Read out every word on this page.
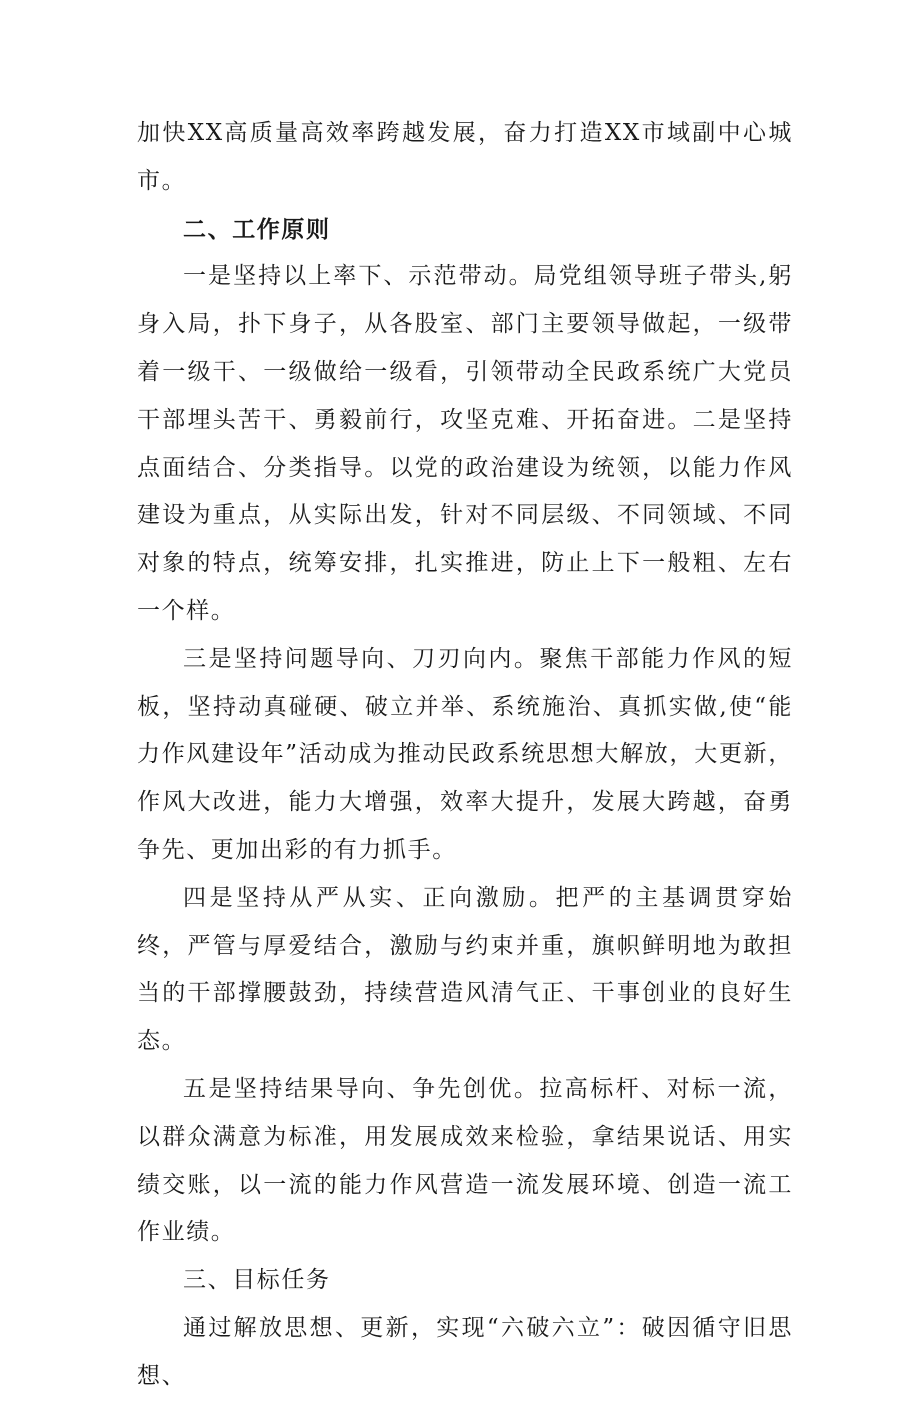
加快XX高质量高效率跨越发展，奋力打造XX市域副中心城市。

二、工作原则

一是坚持以上率下、示范带动。局党组领导班子带头,躬身入局，扑下身子，从各股室、部门主要领导做起，一级带着一级干、一级做给一级看，引领带动全民政系统广大党员干部埋头苦干、勇毅前行，攻坚克难、开拓奋进。二是坚持点面结合、分类指导。以党的政治建设为统领，以能力作风建设为重点，从实际出发，针对不同层级、不同领域、不同对象的特点，统筹安排，扎实推进，防止上下一般粗、左右一个样。

三是坚持问题导向、刀刃向内。聚焦干部能力作风的短板，坚持动真碰硬、破立并举、系统施治、真抓实做,使“能力作风建设年”活动成为推动民政系统思想大解放，大更新，作风大改进，能力大增强，效率大提升，发展大跨越，奋勇争先、更加出彩的有力抓手。

四是坚持从严从实、正向激励。把严的主基调贯穿始终，严管与厚爱结合，激励与约束并重，旗帜鲜明地为敢担当的干部撑腰鼓劲，持续营造风清气正、干事创业的良好生态。

五是坚持结果导向、争先创优。拉高标杆、对标一流，以群众满意为标准，用发展成效来检验，拿结果说话、用实绩交账，以一流的能力作风营造一流发展环境、创造一流工作业绩。

三、目标任务

通过解放思想、更新，实现“六破六立”：破因循守旧思想、
